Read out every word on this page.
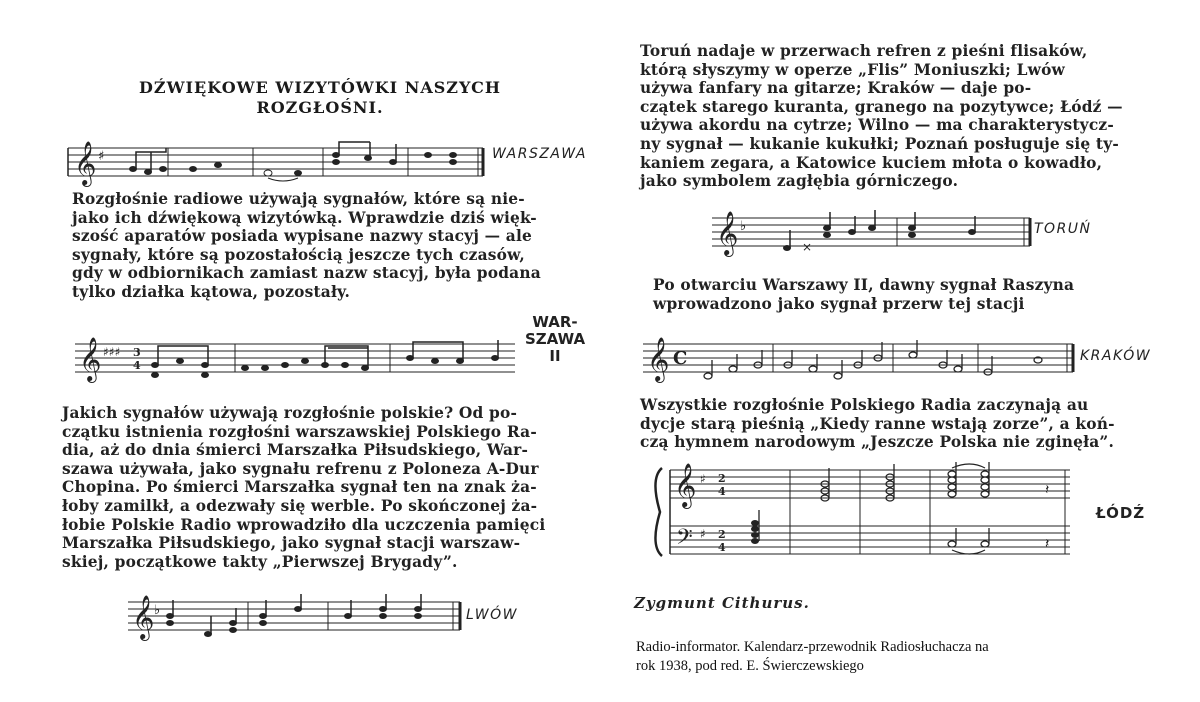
DŹWIĘKOWE WIZYTÓWKI NASZYCH
ROZGŁOŚNI.
𝄞 ♯	WARSZAWA

Rozgłośnie radiowe używają sygnałów, które są nie-

jako ich dźwiękową wizytówką. Wprawdzie dziś więk-

szość aparatów posiada wypisane nazwy stacyj — ale

sygnały, które są pozostałością jeszcze tych czasów,

gdy w odbiornikach zamiast nazw stacyj, była podana

tylko działka kątowa, pozostały.

𝄞 ♯♯♯ 3
4
WAR-
SZAWA
II

Jakich sygnałów używają rozgłośnie polskie? Od po-

czątku istnienia rozgłośni warszawskiej Polskiego Ra-

dia, aż do dnia śmierci Marszałka Piłsudskiego, War-

szawa używała, jako sygnału refrenu z Poloneza A-Dur

Chopina. Po śmierci Marszałka sygnał ten na znak ża-

łoby zamilkł, a odezwały się werble. Po skończonej ża-

łobie Polskie Radio wprowadziło dla uczczenia pamięci

Marszałka Piłsudskiego, jako sygnał stacji warszaw-

skiej, początkowe takty „Pierwszej Brygady”.

𝄞 ♭	LWÓW

Toruń nadaje w przerwach refren z pieśni flisaków,

którą słyszymy w operze „Flis” Moniuszki; Lwów

używa fanfary na gitarze; Kraków — daje po-

czątek starego kuranta, granego na pozytywce; Łódź —

używa akordu na cytrze; Wilno — ma charakterystycz-

ny sygnał — kukanie kukułki; Poznań posługuje się ty-

kaniem zegara, a Katowice kuciem młota o kowadło,

jako symbolem zagłębia górniczego.

𝄞 ♭
×
TORUŃ

Po otwarciu Warszawy II, dawny sygnał Raszyna

wprowadzono jako sygnał przerw tej stacji

𝄞 C	KRAKÓW

Wszystkie rozgłośnie Polskiego Radia zaczynają au

dycje starą pieśnią „Kiedy ranne wstają zorze”, a koń-

czą hymnem narodowym „Jeszcze Polska nie zginęła”.

𝄞
𝄢
♯
♯
2
4
2
4
𝄽
𝄽
ŁÓDŹ
Zygmunt Cithurus.
Radio-informator. Kalendarz-przewodnik Radiosłuchacza na
rok 1938, pod red. E. Świerczewskiego
